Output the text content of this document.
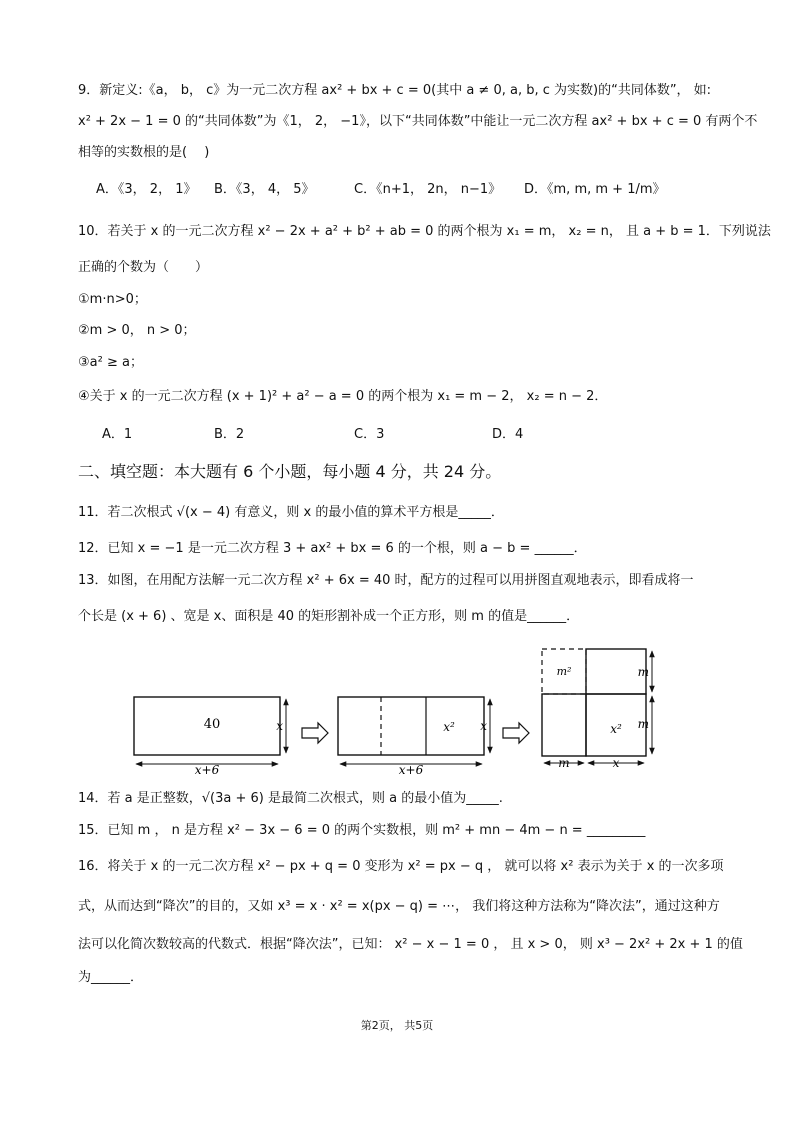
9．新定义:《a， b， c》为一元二次方程 ax² + bx + c = 0(其中 a ≠ 0, a, b, c 为实数)的“共同体数”， 如:
x² + 2x − 1 = 0 的“共同体数”为《1， 2， −1》，以下“共同体数”中能让一元二次方程 ax² + bx + c = 0 有两个不
相等的实数根的是(　 )
A．《3， 2， 1》 B．《3， 4， 5》	C．《n+1， 2n， n−1》 D．《m, m, m + 1/m》
10．若关于 x 的一元二次方程 x² − 2x + a² + b² + ab = 0 的两个根为 x₁ = m， x₂ = n， 且 a + b = 1．下列说法
正确的个数为（　　）
①m·n>0；
②m > 0， n > 0；
③a² ≥ a；
④关于 x 的一元二次方程 (x + 1)² + a² − a = 0 的两个根为 x₁ = m − 2， x₂ = n − 2．
A．1	B．2	C．3	D．4
二、填空题：本大题有 6 个小题，每小题 4 分，共 24 分。
11．若二次根式 √(x − 4) 有意义，则 x 的最小值的算术平方根是_____．
12．已知 x = −1 是一元二次方程 3 + ax² + bx = 6 的一个根，则 a − b = ______．
13．如图，在用配方法解一元二次方程 x² + 6x = 40 时，配方的过程可以用拼图直观地表示，即看成将一
个长是 (x + 6) 、宽是 x、面积是 40 的矩形割补成一个正方形，则 m 的值是______．
40	x
x+6
x² x
x+6
m²
x²
m
m
m	x
14．若 a 是正整数，√(3a + 6) 是最简二次根式，则 a 的最小值为_____.
15．已知 m ， n 是方程 x² − 3x − 6 = 0 的两个实数根，则 m² + mn − 4m − n = _________
16．将关于 x 的一元二次方程 x² − px + q = 0 变形为 x² = px − q ， 就可以将 x² 表示为关于 x 的一次多项
式，从而达到“降次”的目的，又如 x³ = x · x² = x(px − q) = ⋯， 我们将这种方法称为“降次法”，通过这种方
法可以化简次数较高的代数式．根据“降次法”，已知： x² − x − 1 = 0 ， 且 x > 0， 则 x³ − 2x² + 2x + 1 的值
为______．
第2页， 共5页
